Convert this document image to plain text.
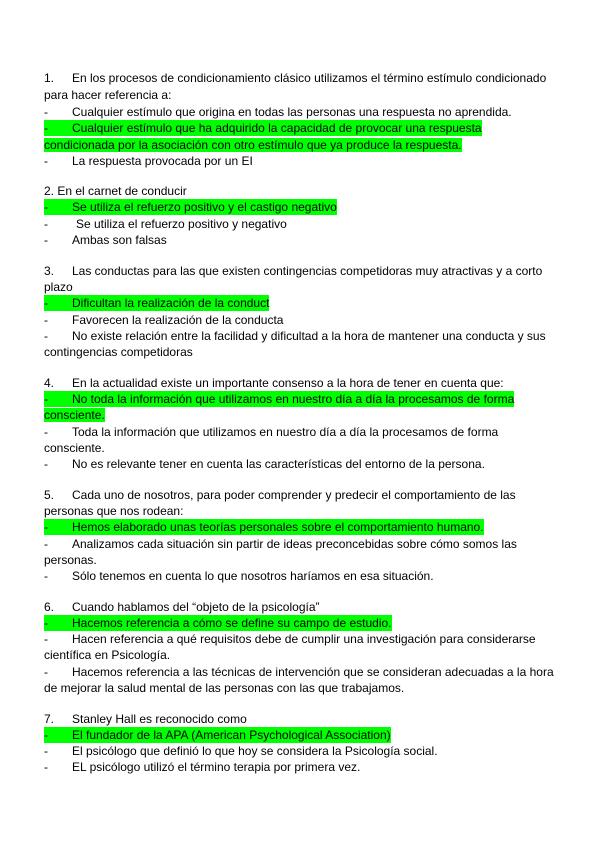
1. En los procesos de condicionamiento clásico utilizamos el término estímulo condicionado
para hacer referencia a:
- Cualquier estímulo que origina en todas las personas una respuesta no aprendida.
-	Cualquier estímulo que ha adquirido la capacidad de provocar una respuesta
condicionada por la asociación con otro estímulo que ya produce la respuesta.
- La respuesta provocada por un EI
2. En el carnet de conducir
-	Se utiliza el refuerzo positivo y el castigo negativo
- Se utiliza el refuerzo positivo y negativo
- Ambas son falsas
3. Las conductas para las que existen contingencias competidoras muy atractivas y a corto
plazo
-	Dificultan la realización de la conduct
- Favorecen la realización de la conducta
- No existe relación entre la facilidad y dificultad a la hora de mantener una conducta y sus
contingencias competidoras
4. En la actualidad existe un importante consenso a la hora de tener en cuenta que:
-	No toda la información que utilizamos en nuestro día a día la procesamos de forma
consciente.
- Toda la información que utilizamos en nuestro día a día la procesamos de forma
consciente.
- No es relevante tener en cuenta las características del entorno de la persona.
5. Cada uno de nosotros, para poder comprender y predecir el comportamiento de las
personas que nos rodean:
-	Hemos elaborado unas teorías personales sobre el comportamiento humano.
- Analizamos cada situación sin partir de ideas preconcebidas sobre cómo somos las
personas.
- Sólo tenemos en cuenta lo que nosotros haríamos en esa situación.
6. Cuando hablamos del “objeto de la psicología”
-	Hacemos referencia a cómo se define su campo de estudio.
- Hacen referencia a qué requisitos debe de cumplir una investigación para considerarse
científica en Psicología.
- Hacemos referencia a las técnicas de intervención que se consideran adecuadas a la hora
de mejorar la salud mental de las personas con las que trabajamos.
7. Stanley Hall es reconocido como
-	El fundador de la APA (American Psychological Association)
- El psicólogo que definió lo que hoy se considera la Psicología social.
- EL psicólogo utilizó el término terapia por primera vez.
